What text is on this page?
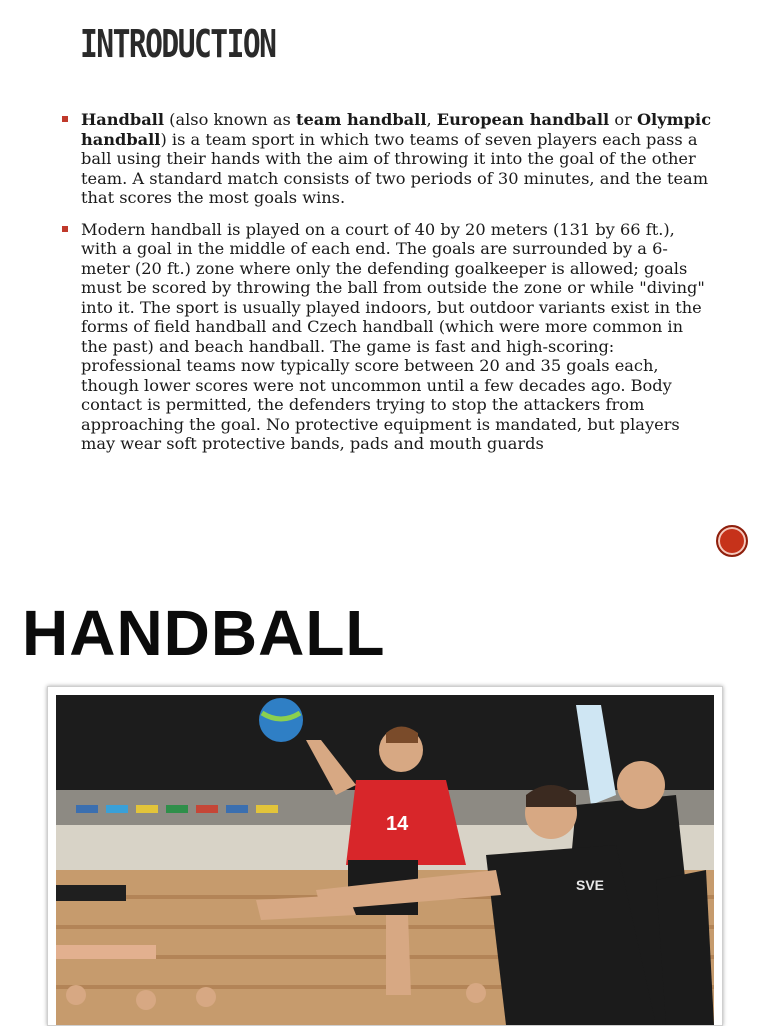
INTRODUCTION
Handball (also known as team handball, European handball or Olympic handball) is a team sport in which two teams of seven players each pass a ball using their hands with the aim of throwing it into the goal of the other team. A standard match consists of two periods of 30 minutes, and the team that scores the most goals wins.
Modern handball is played on a court of 40 by 20 meters (131 by 66 ft.), with a goal in the middle of each end. The goals are surrounded by a 6-meter (20 ft.) zone where only the defending goalkeeper is allowed; goals must be scored by throwing the ball from outside the zone or while "diving" into it. The sport is usually played indoors, but outdoor variants exist in the forms of field handball and Czech handball (which were more common in the past) and beach handball. The game is fast and high-scoring: professional teams now typically score between 20 and 35 goals each, though lower scores were not uncommon until a few decades ago. Body contact is permitted, the defenders trying to stop the attackers from approaching the goal. No protective equipment is mandated, but players may wear soft protective bands, pads and mouth guards
HANDBALL
14
SVE
